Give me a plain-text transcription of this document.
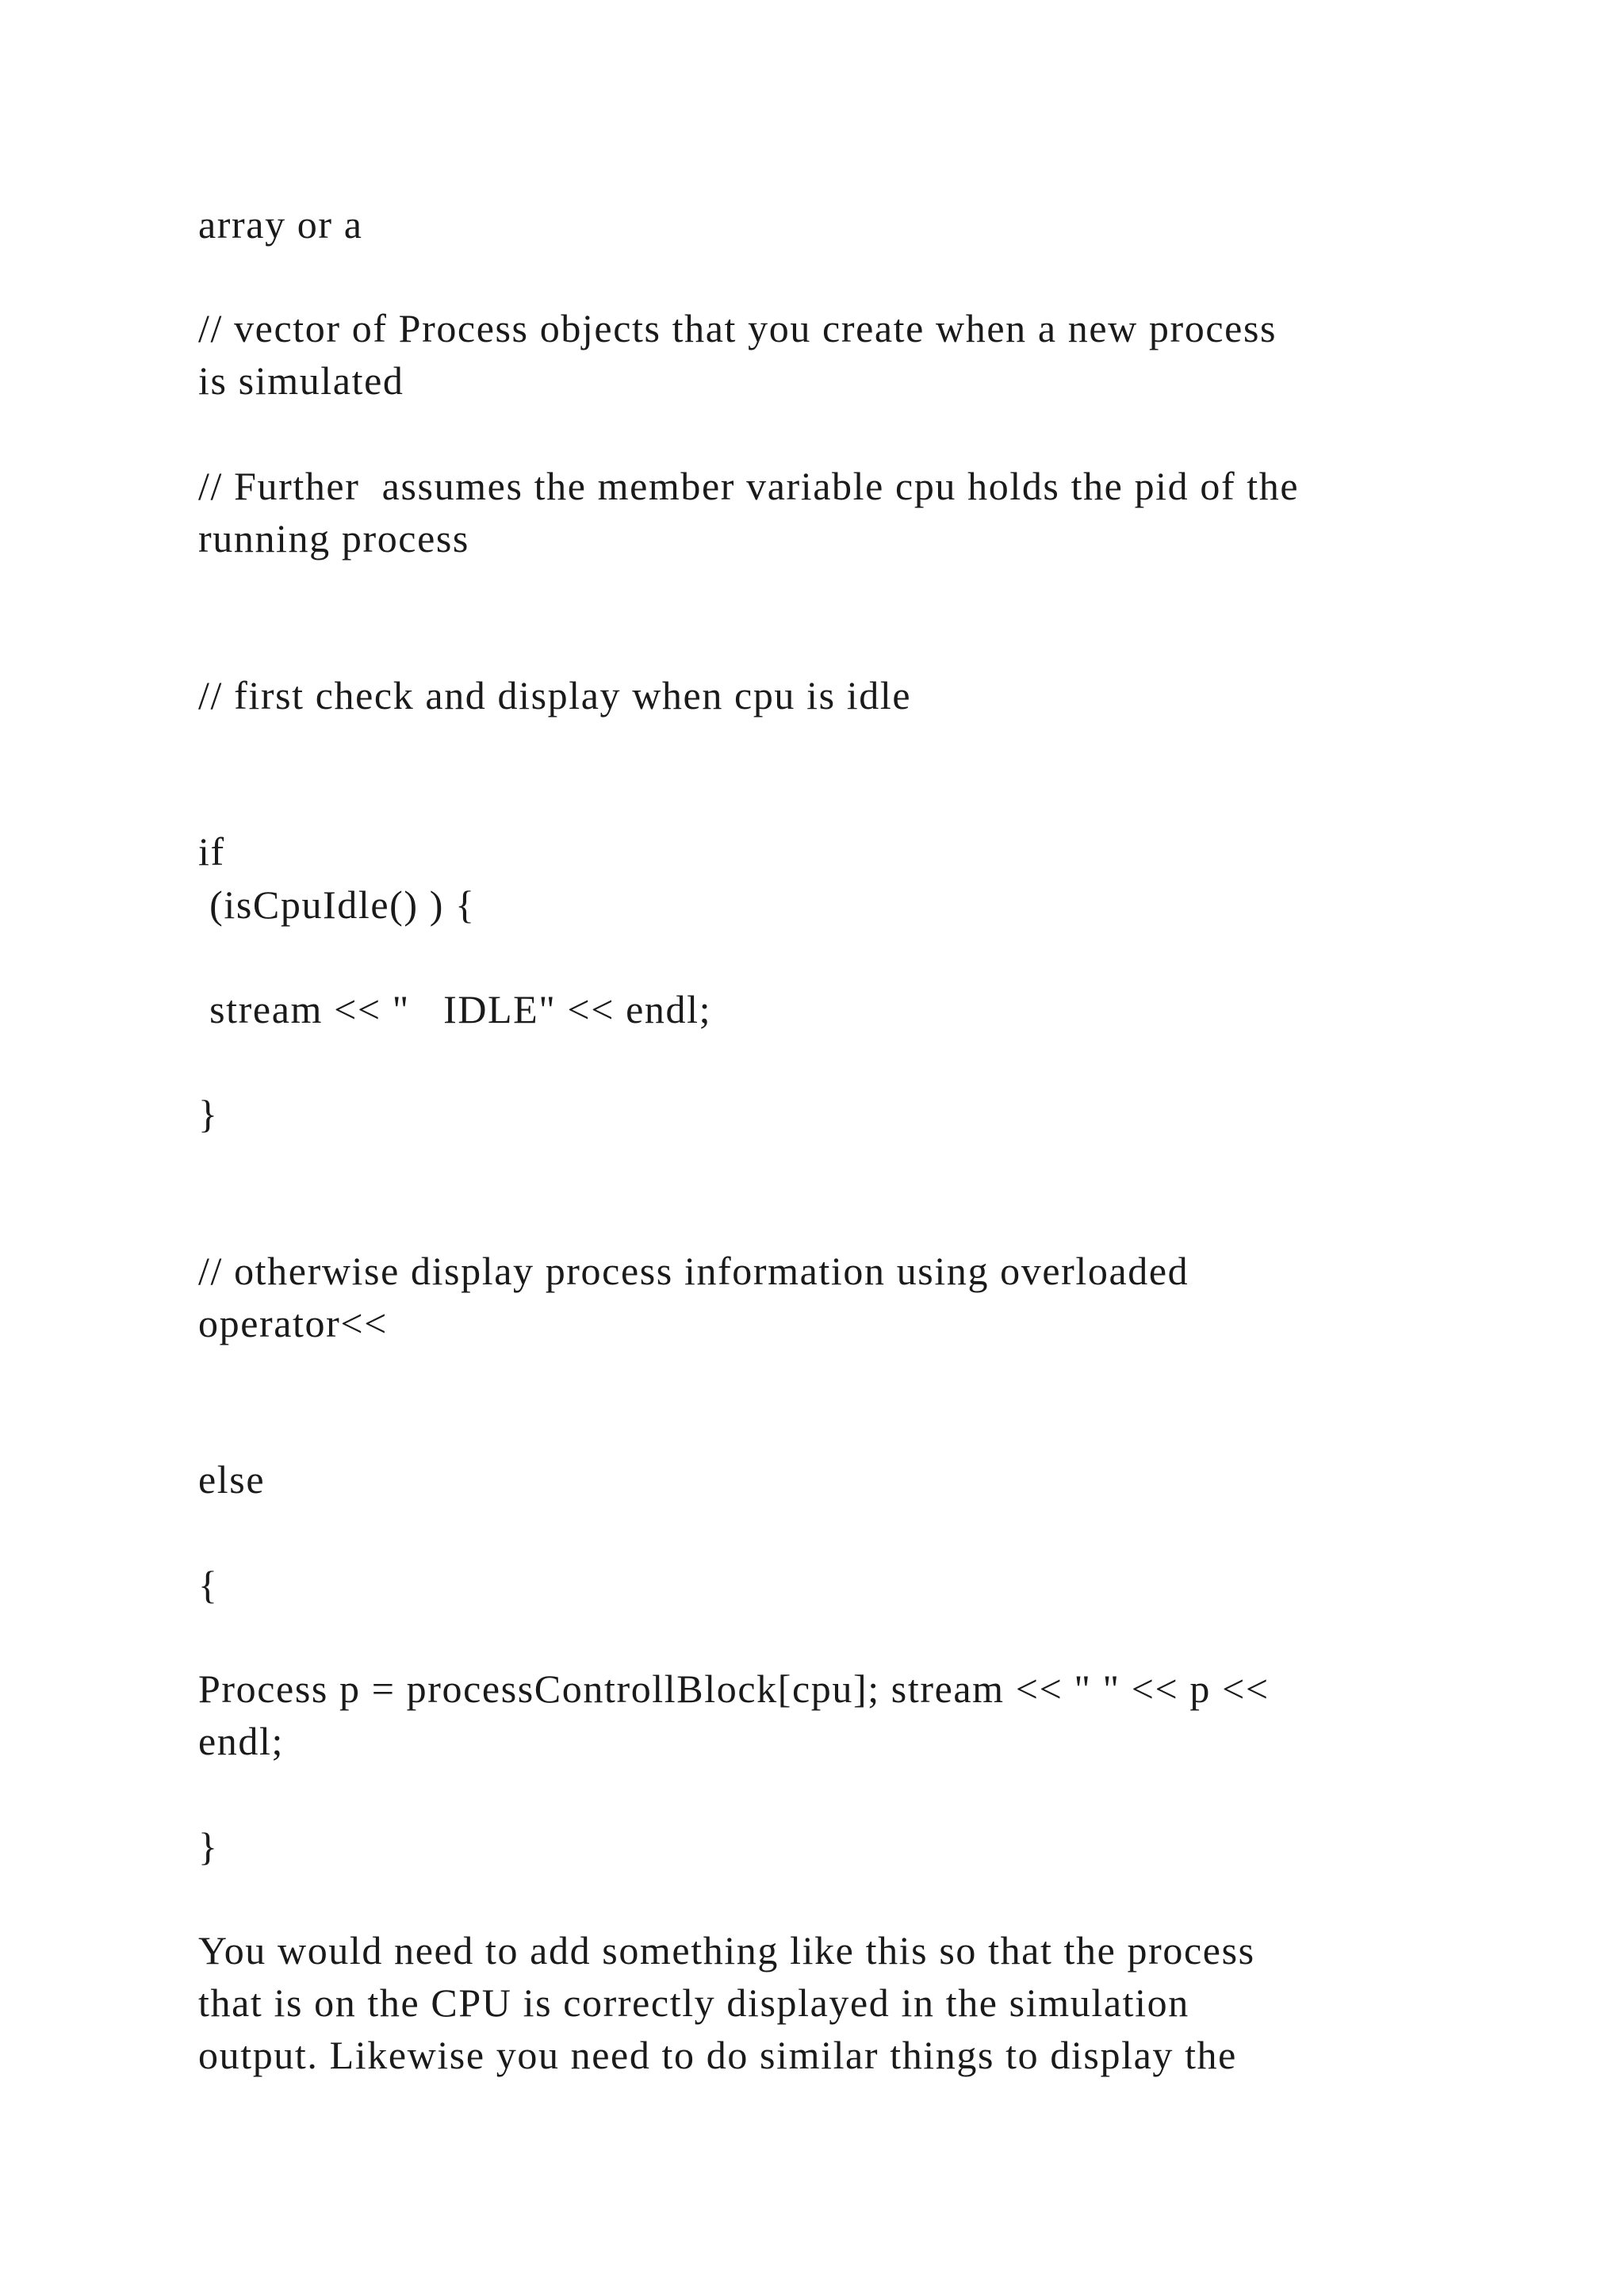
array or a

// vector of Process objects that you create when a new process

is simulated

// Further  assumes the member variable cpu holds the pid of the

running process

// first check and display when cpu is idle

if

(isCpuIdle() ) {

stream << "   IDLE" << endl;

}

// otherwise display process information using overloaded

operator<<

else

{

Process p = processControllBlock[cpu]; stream << " " << p <<

endl;

}

You would need to add something like this so that the process

that is on the CPU is correctly displayed in the simulation

output. Likewise you need to do similar things to display the
